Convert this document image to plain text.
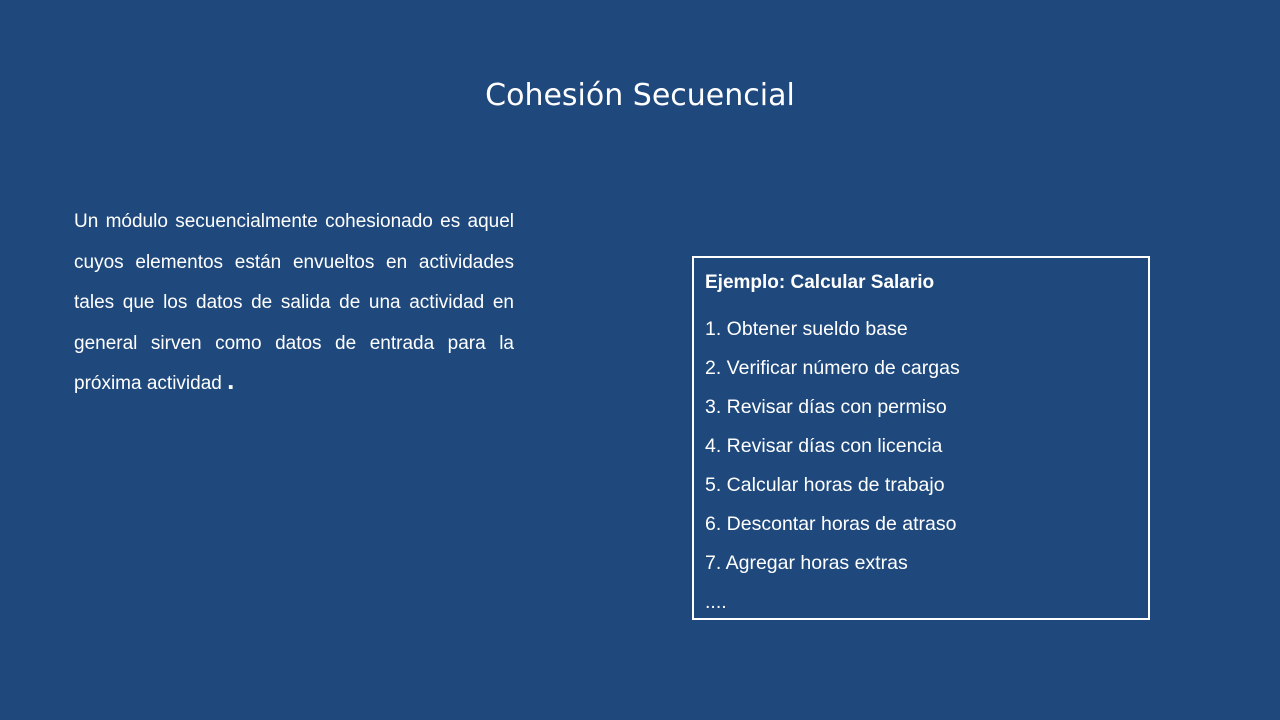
Cohesión Secuencial

Un módulo secuencialmente cohesionado es aquel cuyos elementos están envueltos en actividades tales que los datos de salida de una actividad en general sirven como datos de entrada para la próxima actividad .

Ejemplo: Calcular Salario
1. Obtener sueldo base
2. Verificar número de cargas
3. Revisar días con permiso
4. Revisar días con licencia
5. Calcular horas de trabajo
6. Descontar horas de atraso
7. Agregar horas extras
....
